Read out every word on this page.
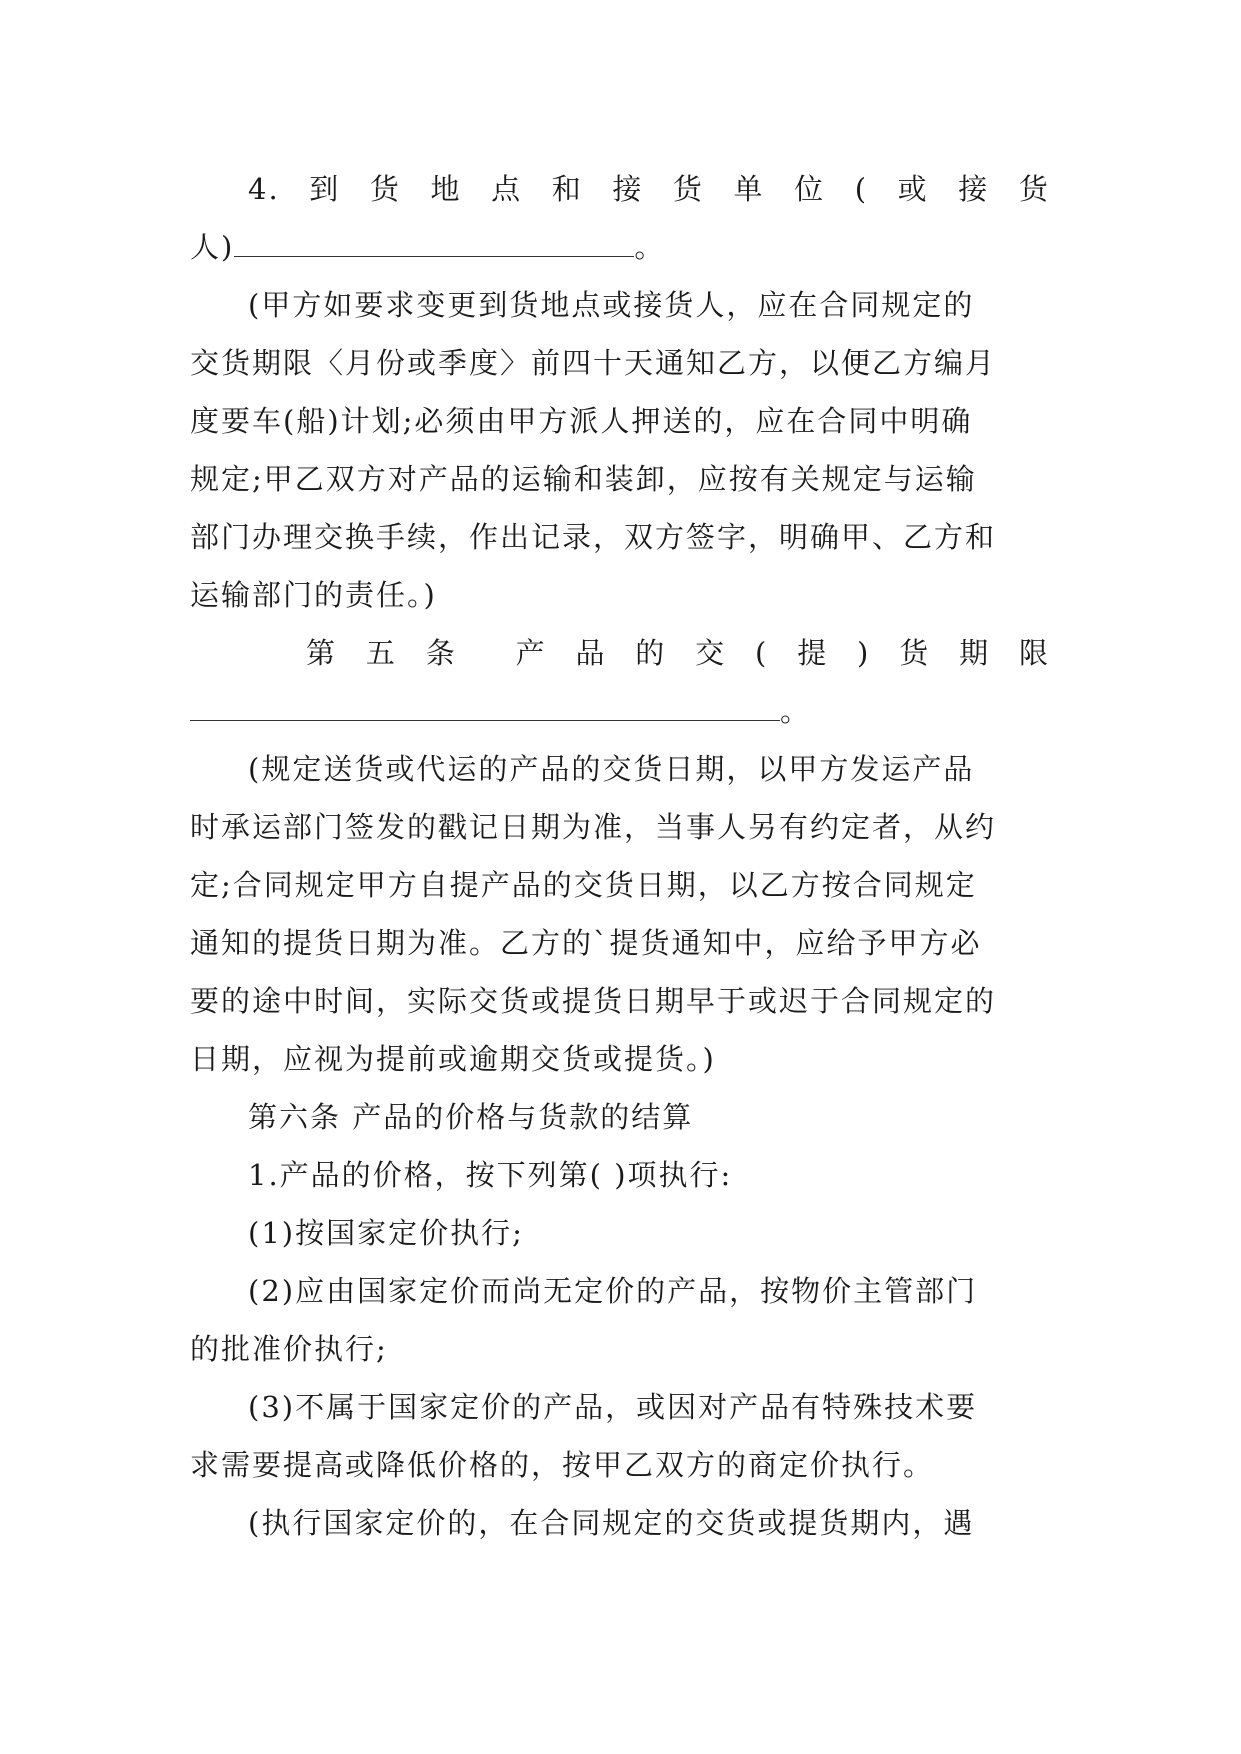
4. 到 货 地 点 和 接 货 单 位 ( 或 接 货
人)	。
(甲方如要求变更到货地点或接货人，应在合同规定的
交货期限〈月份或季度〉前四十天通知乙方，以便乙方编月
度要车(船)计划;必须由甲方派人押送的，应在合同中明确
规定;甲乙双方对产品的运输和装卸，应按有关规定与运输
部门办理交换手续，作出记录，双方签字，明确甲、乙方和
运输部门的责任。)
第 五 条 产 品 的 交 ( 提 ) 货 期 限
。
(规定送货或代运的产品的交货日期，以甲方发运产品
时承运部门签发的戳记日期为准，当事人另有约定者，从约
定;合同规定甲方自提产品的交货日期，以乙方按合同规定
通知的提货日期为准。乙方的`提货通知中，应给予甲方必
要的途中时间，实际交货或提货日期早于或迟于合同规定的
日期，应视为提前或逾期交货或提货。)
第六条 产品的价格与货款的结算
1.产品的价格，按下列第( )项执行:
(1)按国家定价执行;
(2)应由国家定价而尚无定价的产品，按物价主管部门
的批准价执行;
(3)不属于国家定价的产品，或因对产品有特殊技术要
求需要提高或降低价格的，按甲乙双方的商定价执行。
(执行国家定价的，在合同规定的交货或提货期内，遇
